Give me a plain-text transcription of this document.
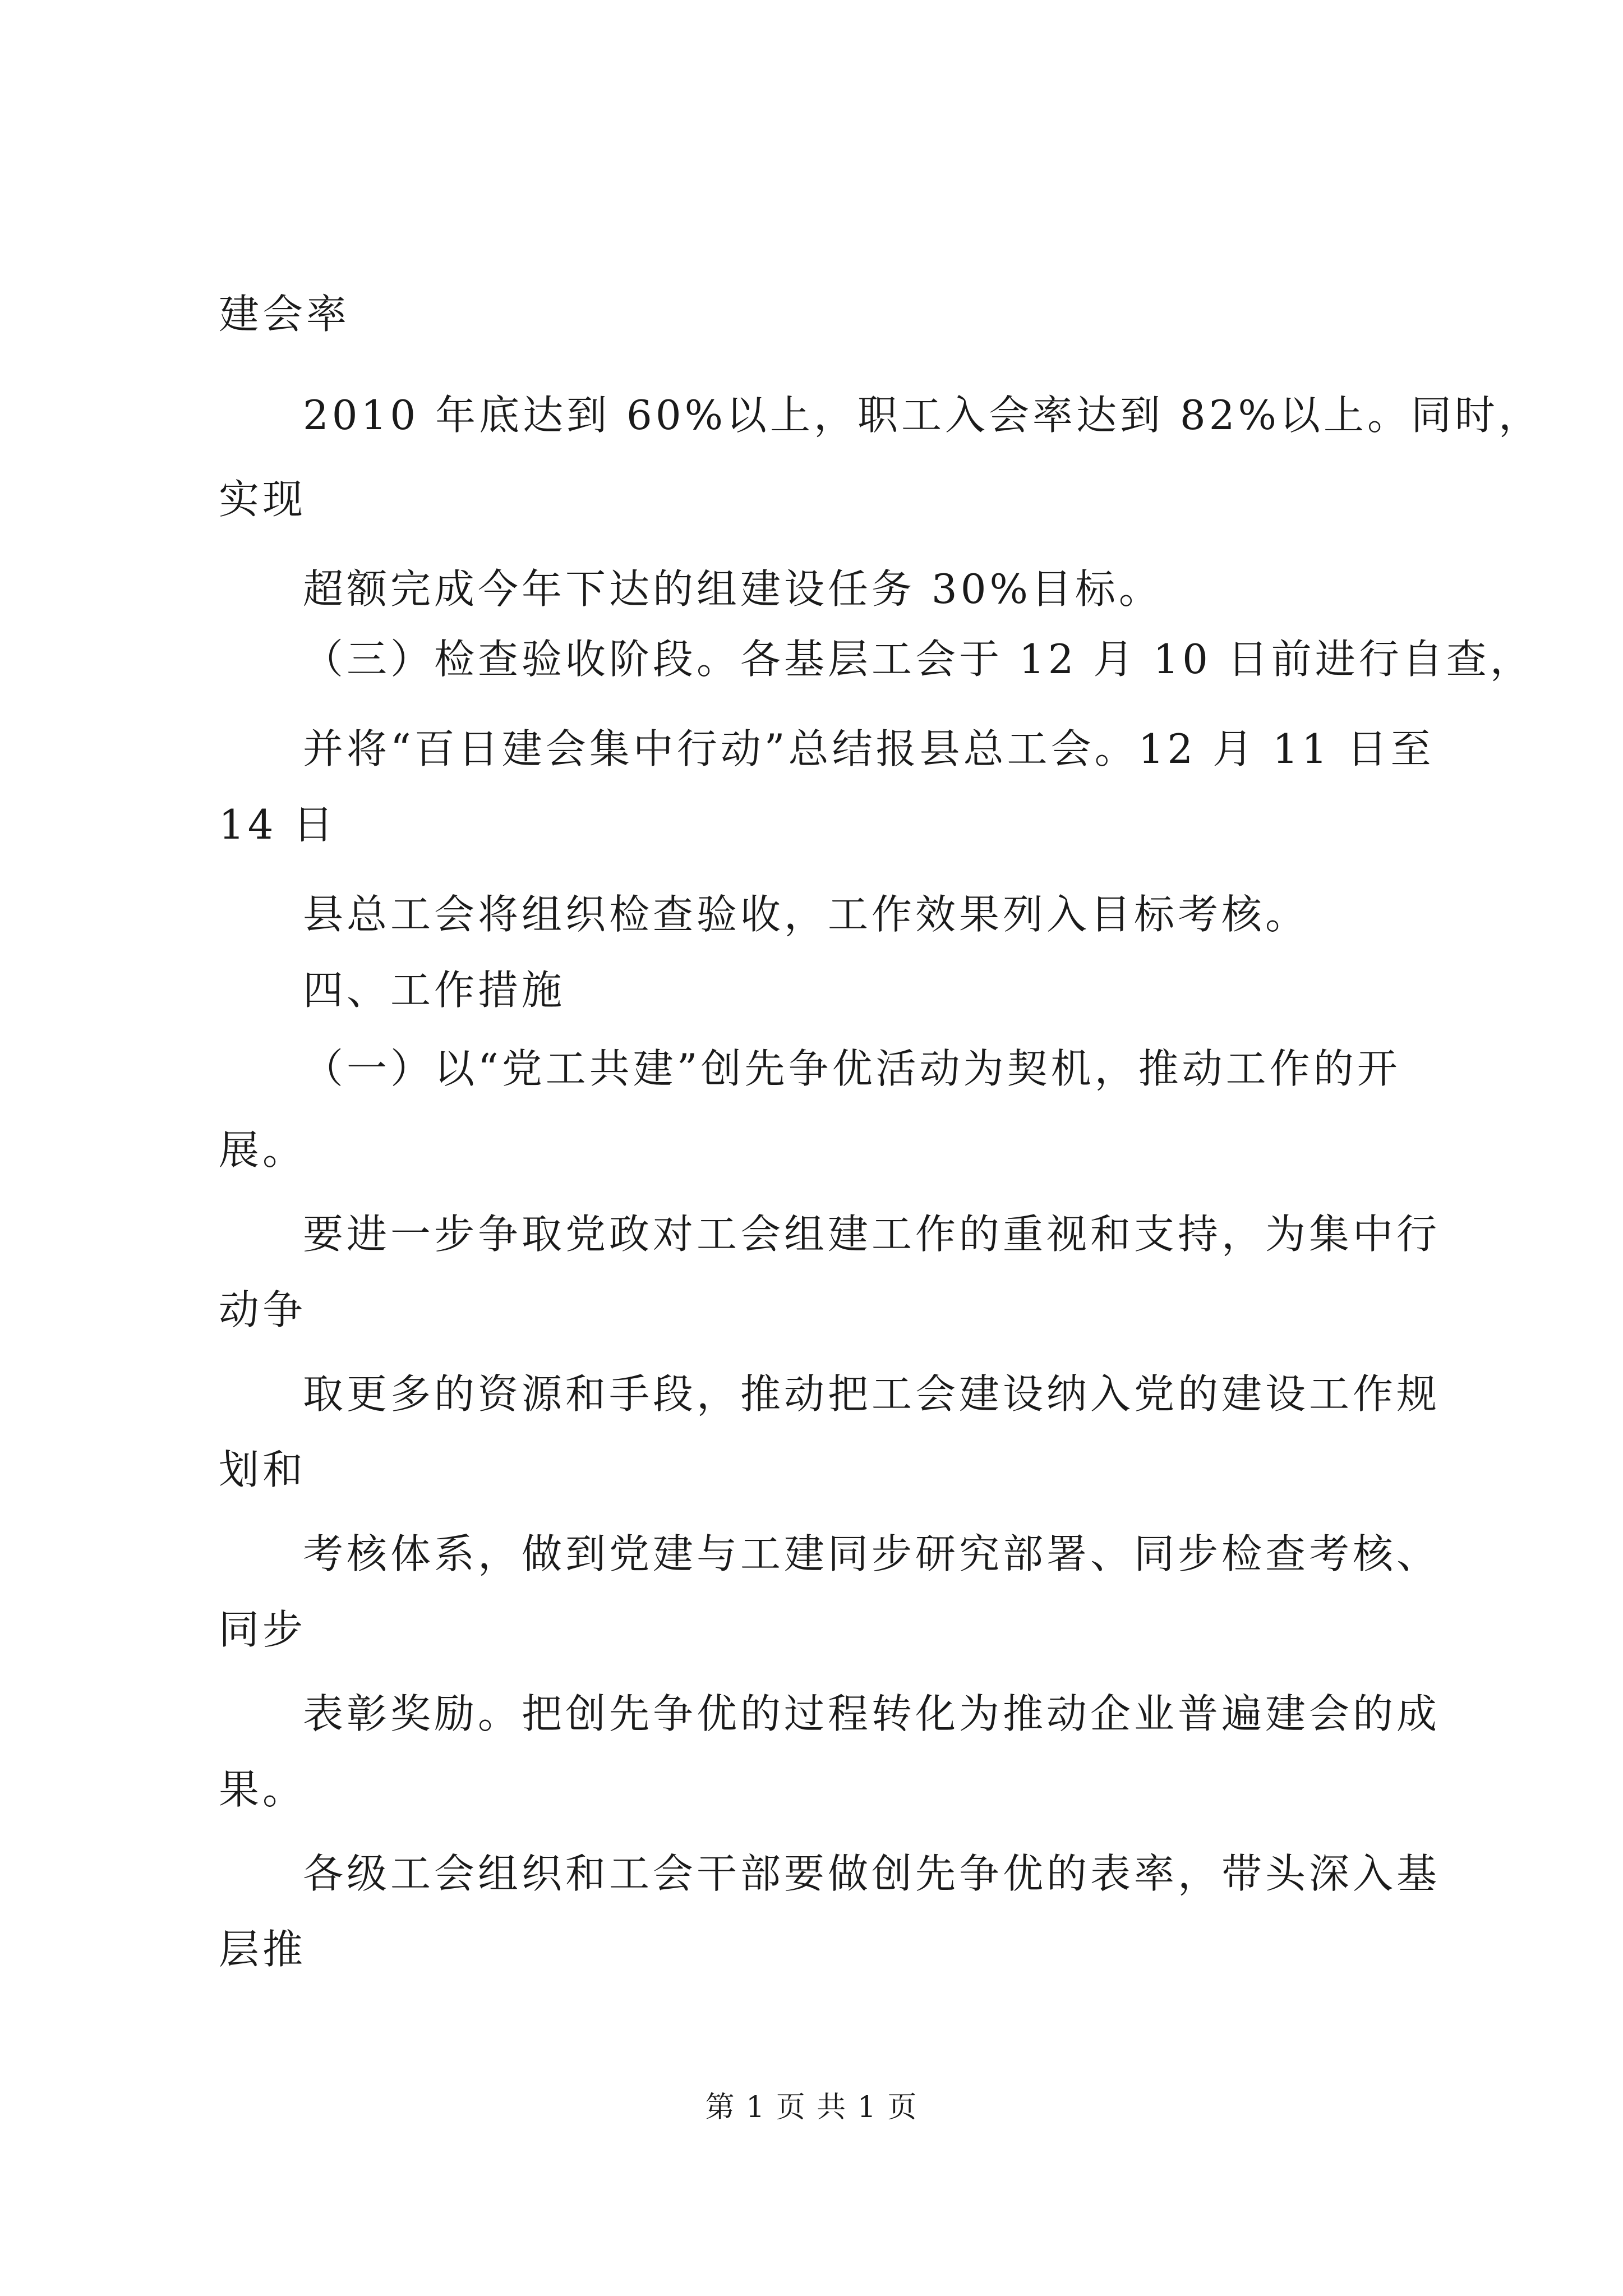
建会率
2010 年底达到 60%以上，职工入会率达到 82%以上。同时，
实现
超额完成今年下达的组建设任务 30%目标。
（三）检查验收阶段。各基层工会于 12 月 10 日前进行自查，
并将“百日建会集中行动”总结报县总工会。12 月 11 日至
14 日
县总工会将组织检查验收，工作效果列入目标考核。
四、工作措施
（一）以“党工共建”创先争优活动为契机，推动工作的开
展。
要进一步争取党政对工会组建工作的重视和支持，为集中行
动争
取更多的资源和手段，推动把工会建设纳入党的建设工作规
划和
考核体系，做到党建与工建同步研究部署、同步检查考核、
同步
表彰奖励。把创先争优的过程转化为推动企业普遍建会的成
果。
各级工会组织和工会干部要做创先争优的表率，带头深入基
层推
第 1 页 共 1 页
